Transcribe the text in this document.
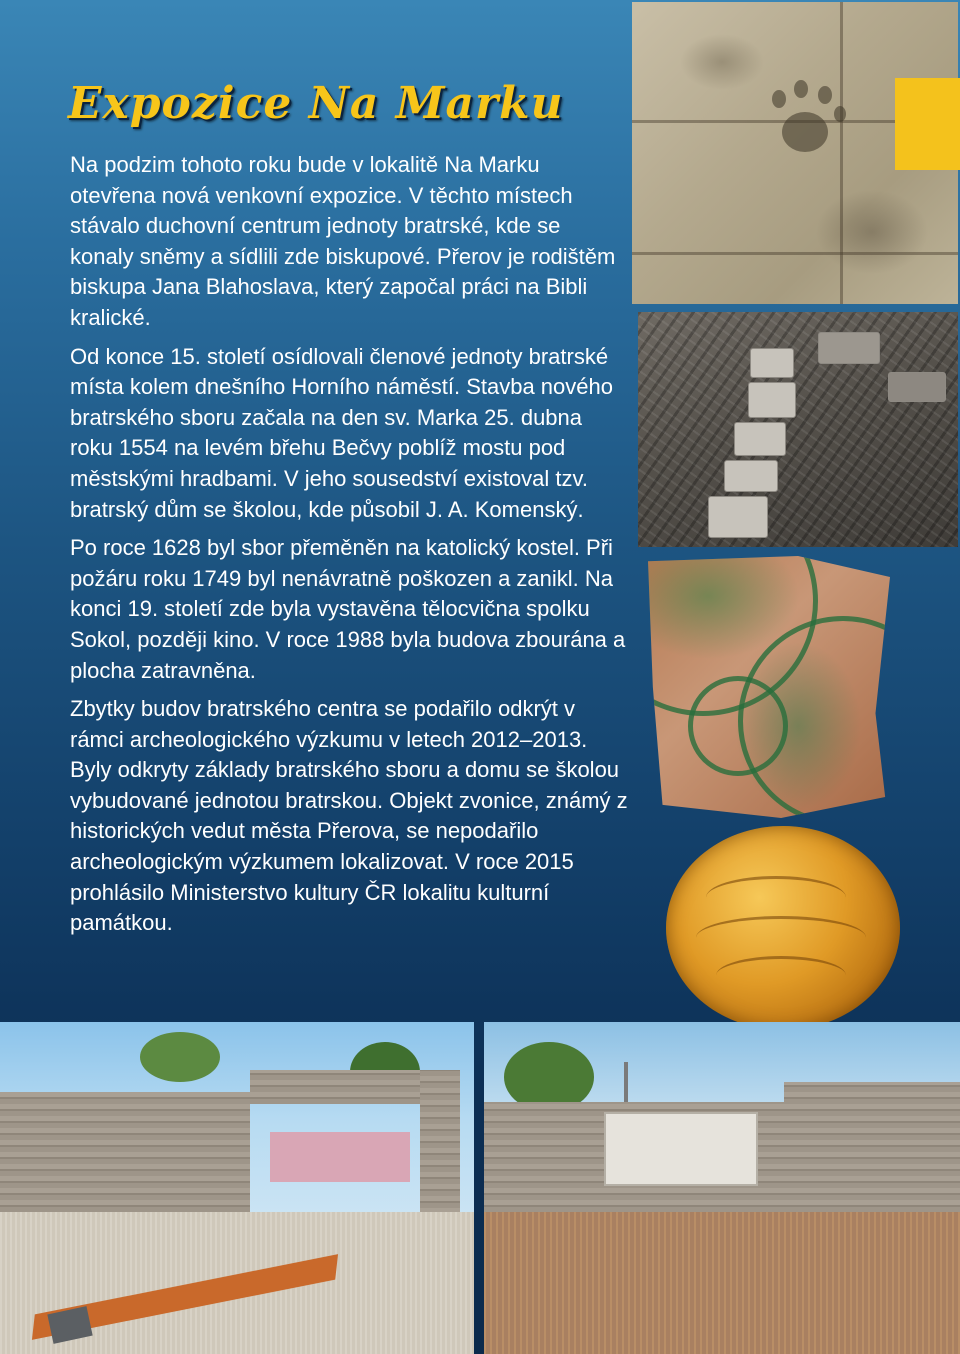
Expozice Na Marku

Na podzim tohoto roku bude v lokalitě Na Marku otevřena nová venkovní expozice. V těchto místech stávalo duchovní centrum jednoty bratrské, kde se konaly sněmy a sídlili zde biskupové. Přerov je rodištěm biskupa Jana Blahoslava, který započal práci na Bibli kralické.

Od konce 15. století osídlovali členové jednoty bratrské místa kolem dnešního Horního náměstí. Stavba nového bratrského sboru začala na den sv. Marka 25. dubna roku 1554 na levém břehu Bečvy poblíž mostu pod městskými hradbami. V jeho sousedství existoval tzv. bratrský dům se školou, kde působil J. A. Komenský.

Po roce 1628 byl sbor přeměněn na katolický kostel. Při požáru roku 1749 byl nenávratně poškozen a zanikl. Na konci 19. století zde byla vystavěna tělocvična spolku Sokol, později kino. V roce 1988 byla budova zbourána a plocha zatravněna.

Zbytky budov bratrského centra se podařilo odkrýt v rámci archeologického výzkumu v letech 2012–2013. Byly odkryty základy bratrského sboru a domu se školou vybudované jednotou bratrskou. Objekt zvonice, známý z historických vedut města Přerova, se nepodařilo archeologickým výzkumem lokalizovat. V roce 2015 prohlásilo Ministerstvo kultury ČR lokalitu kulturní památkou.
